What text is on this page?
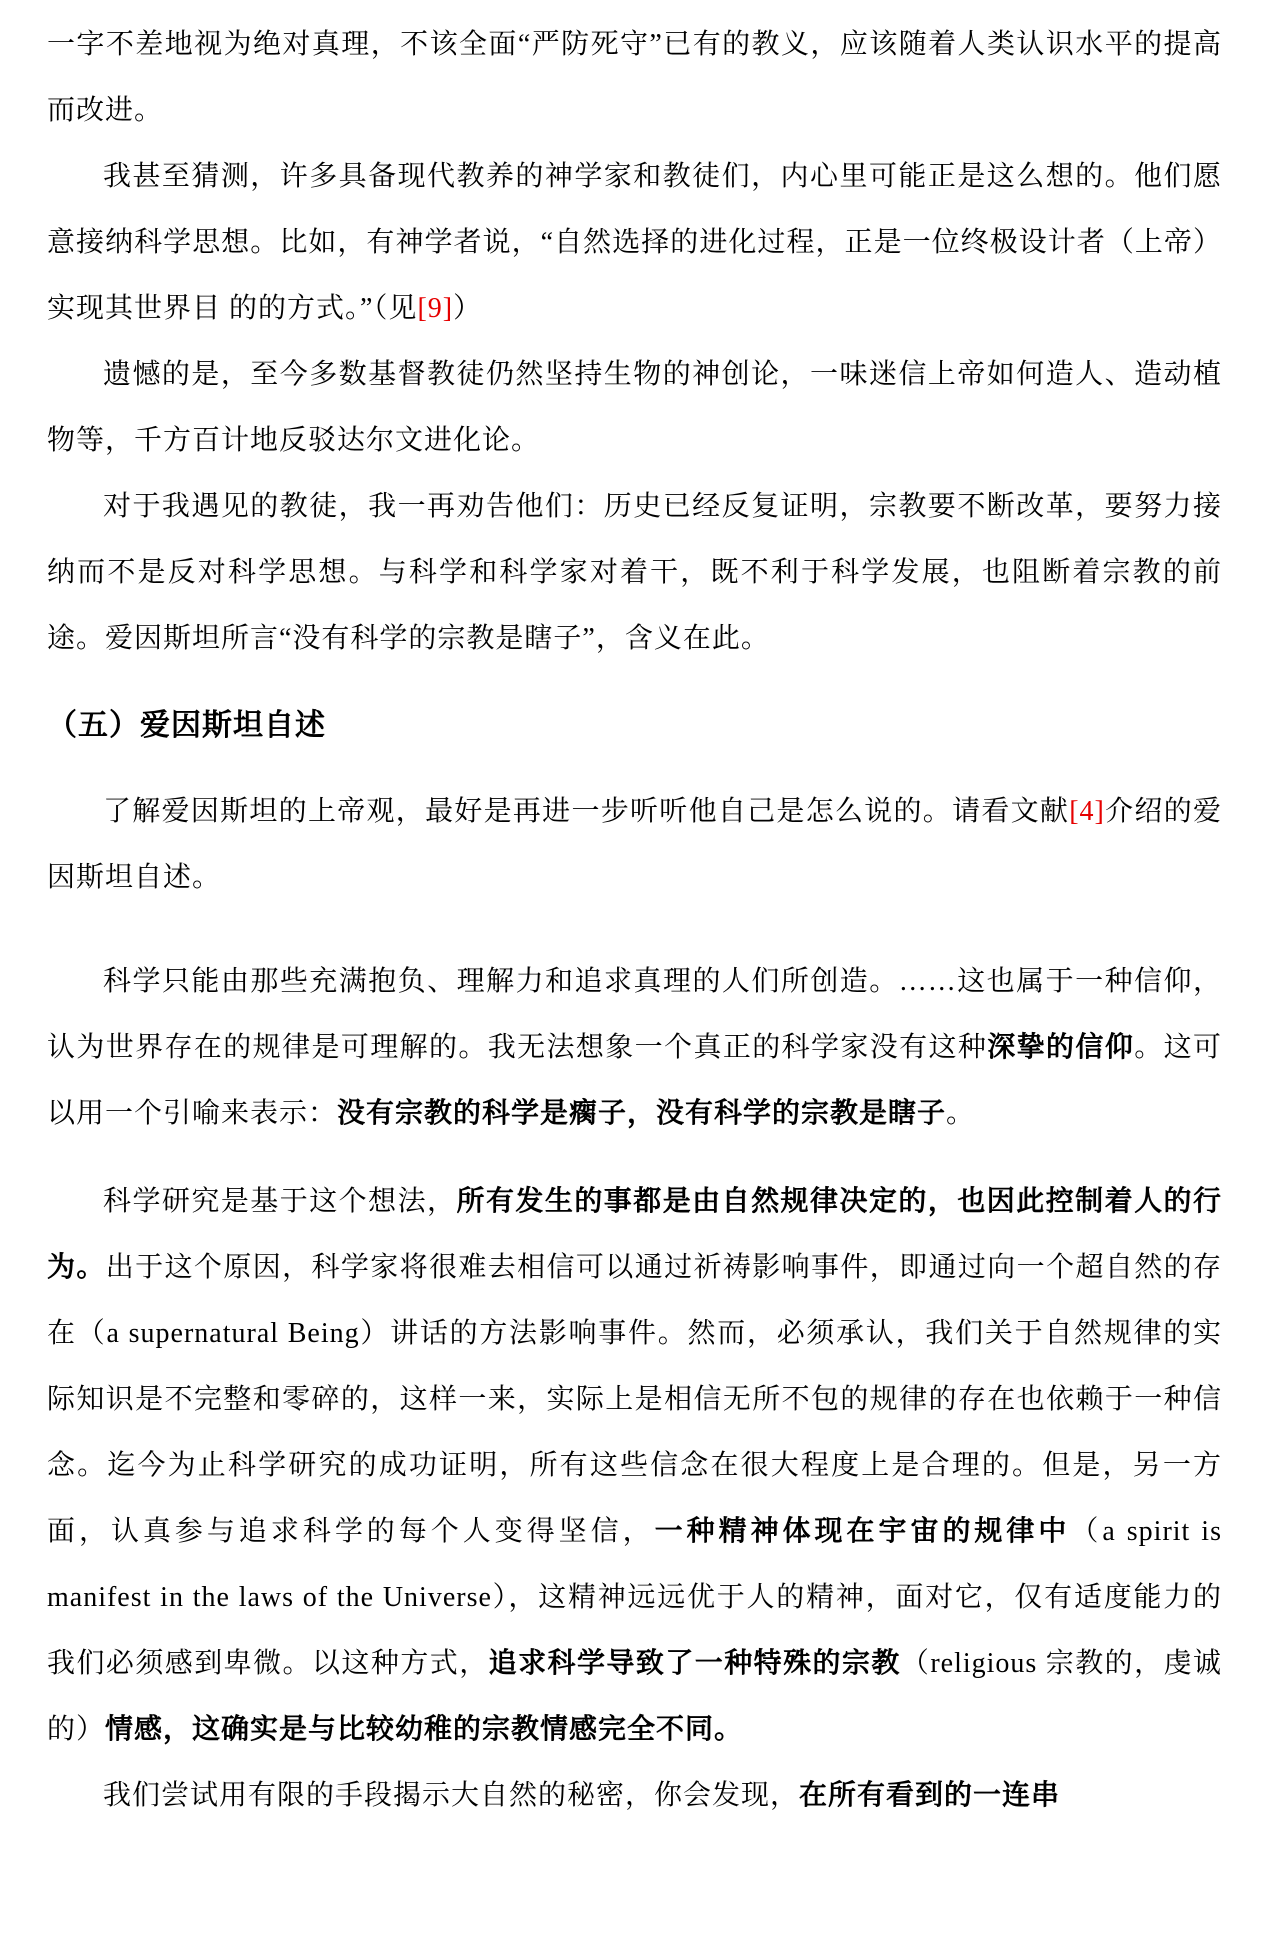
一字不差地视为绝对真理，不该全面“严防死守”已有的教义，应该随着人类认识水平的提高而改进。

我甚至猜测，许多具备现代教养的神学家和教徒们，内心里可能正是这么想的。他们愿意接纳科学思想。比如，有神学者说，“自然选择的进化过程，正是一位终极设计者（上帝）实现其世界目 的的方式。”（见[9]）

遗憾的是，至今多数基督教徒仍然坚持生物的神创论，一味迷信上帝如何造人、造动植物等，千方百计地反驳达尔文进化论。

对于我遇见的教徒，我一再劝告他们：历史已经反复证明，宗教要不断改革，要努力接纳而不是反对科学思想。与科学和科学家对着干，既不利于科学发展，也阻断着宗教的前途。爱因斯坦所言“没有科学的宗教是瞎子”，含义在此。

（五）爱因斯坦自述

了解爱因斯坦的上帝观，最好是再进一步听听他自己是怎么说的。请看文献[4]介绍的爱因斯坦自述。

科学只能由那些充满抱负、理解力和追求真理的人们所创造。……这也属于一种信仰，认为世界存在的规律是可理解的。我无法想象一个真正的科学家没有这种深挚的信仰。这可以用一个引喻来表示：没有宗教的科学是瘸子，没有科学的宗教是瞎子。

科学研究是基于这个想法，所有发生的事都是由自然规律决定的，也因此控制着人的行为。出于这个原因，科学家将很难去相信可以通过祈祷影响事件，即通过向一个超自然的存在（a supernatural Being）讲话的方法影响事件。然而，必须承认，我们关于自然规律的实际知识是不完整和零碎的，这样一来，实际上是相信无所不包的规律的存在也依赖于一种信念。迄今为止科学研究的成功证明，所有这些信念在很大程度上是合理的。但是，另一方面，认真参与追求科学的每个人变得坚信，一种精神体现在宇宙的规律中（a spirit is manifest in the laws of the Universe），这精神远远优于人的精神，面对它，仅有适度能力的我们必须感到卑微。以这种方式，追求科学导致了一种特殊的宗教（religious 宗教的，虔诚的）情感，这确实是与比较幼稚的宗教情感完全不同。

我们尝试用有限的手段揭示大自然的秘密，你会发现，在所有看到的一连串
